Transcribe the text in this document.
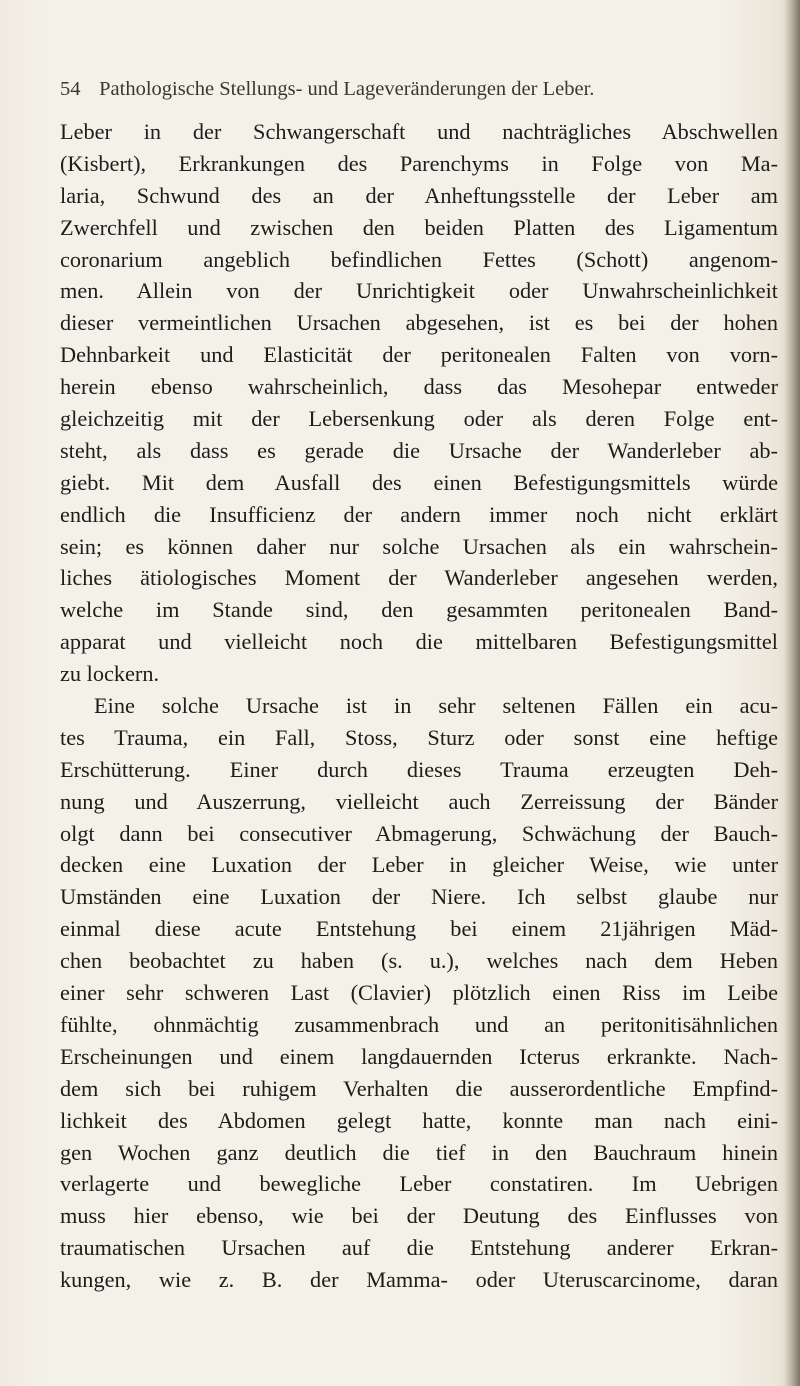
54 Pathologische Stellungs- und Lageveränderungen der Leber.
Leber in der Schwangerschaft und nachträgliches Abschwellen
(Kisbert), Erkrankungen des Parenchyms in Folge von Ma-
laria, Schwund des an der Anheftungsstelle der Leber am
Zwerchfell und zwischen den beiden Platten des Ligamentum
coronarium angeblich befindlichen Fettes (Schott) angenom-
men. Allein von der Unrichtigkeit oder Unwahrscheinlichkeit
dieser vermeintlichen Ursachen abgesehen, ist es bei der hohen
Dehnbarkeit und Elasticität der peritonealen Falten von vorn-
herein ebenso wahrscheinlich, dass das Mesohepar entweder
gleichzeitig mit der Lebersenkung oder als deren Folge ent-
steht, als dass es gerade die Ursache der Wanderleber ab-
giebt. Mit dem Ausfall des einen Befestigungsmittels würde
endlich die Insufficienz der andern immer noch nicht erklärt
sein; es können daher nur solche Ursachen als ein wahrschein-
liches ätiologisches Moment der Wanderleber angesehen werden,
welche im Stande sind, den gesammten peritonealen Band-
apparat und vielleicht noch die mittelbaren Befestigungsmittel
zu lockern.
Eine solche Ursache ist in sehr seltenen Fällen ein acu-
tes Trauma, ein Fall, Stoss, Sturz oder sonst eine heftige
Erschütterung. Einer durch dieses Trauma erzeugten Deh-
nung und Auszerrung, vielleicht auch Zerreissung der Bänder
olgt dann bei consecutiver Abmagerung, Schwächung der Bauch-
decken eine Luxation der Leber in gleicher Weise, wie unter
Umständen eine Luxation der Niere. Ich selbst glaube nur
einmal diese acute Entstehung bei einem 21jährigen Mäd-
chen beobachtet zu haben (s. u.), welches nach dem Heben
einer sehr schweren Last (Clavier) plötzlich einen Riss im Leibe
fühlte, ohnmächtig zusammenbrach und an peritonitisähnlichen
Erscheinungen und einem langdauernden Icterus erkrankte. Nach-
dem sich bei ruhigem Verhalten die ausserordentliche Empfind-
lichkeit des Abdomen gelegt hatte, konnte man nach eini-
gen Wochen ganz deutlich die tief in den Bauchraum hinein
verlagerte und bewegliche Leber constatiren. Im Uebrigen
muss hier ebenso, wie bei der Deutung des Einflusses von
traumatischen Ursachen auf die Entstehung anderer Erkran-
kungen, wie z. B. der Mamma- oder Uteruscarcinome, daran
